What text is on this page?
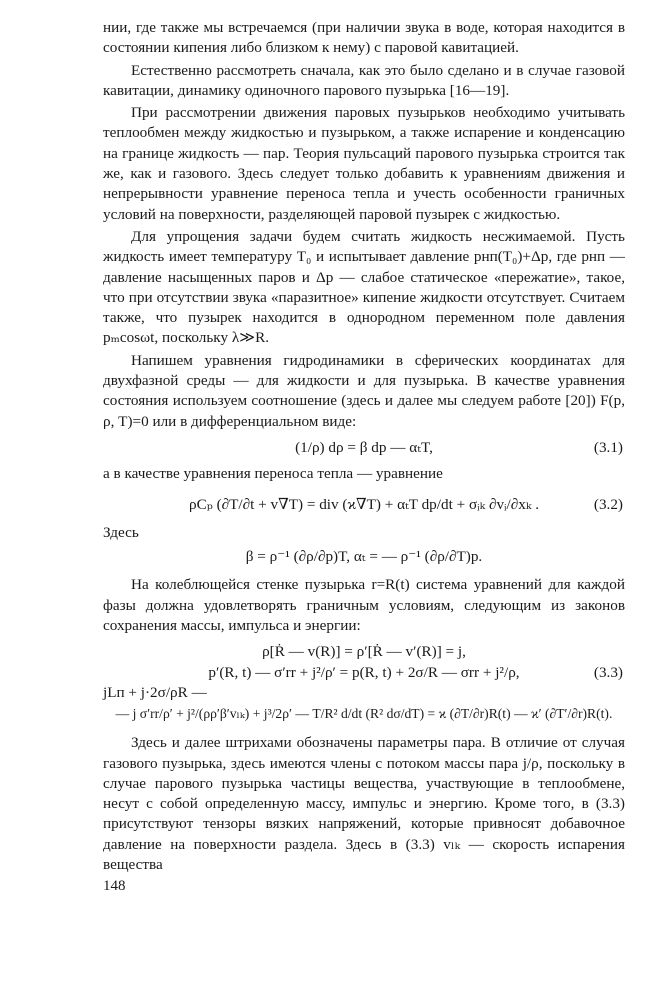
нии, где также мы встречаемся (при наличии звука в воде, которая находится в состоянии кипения либо близком к нему) с паровой кавитацией.

Естественно рассмотреть сначала, как это было сделано и в случае газовой кавитации, динамику одиночного парового пузырька [16—19].

При рассмотрении движения паровых пузырьков необходимо учитывать теплообмен между жидкостью и пузырьком, а также испарение и конденсацию на границе жидкость — пар. Теория пульсаций парового пузырька строится так же, как и газового. Здесь следует только добавить к уравнениям движения и непрерывности уравнение переноса тепла и учесть особенности граничных условий на поверхности, разделяющей паровой пузырек с жидкостью.

Для упрощения задачи будем считать жидкость несжимаемой. Пусть жидкость имеет температуру T₀ и испытывает давление pнп(T₀)+Δp, где pнп — давление насыщенных паров и Δp — слабое статическое «пережатие», такое, что при отсутствии звука «паразитное» кипение жидкости отсутствует. Считаем также, что пузырек находится в однородном переменном поле давления pₘcosωt, поскольку λ≫R.

Напишем уравнения гидродинамики в сферических координатах для двухфазной среды — для жидкости и для пузырька. В качестве уравнения состояния используем соотношение (здесь и далее мы следуем работе [20]) F(p, ρ, T)=0 или в дифференциальном виде:

(1/ρ) dρ = β dp — αₜT,	(3.1)

а в качестве уравнения переноса тепла — уравнение

ρCₚ (∂T/∂t + v∇T) = div (ϰ∇T) + αₜT dp/dt + σᵢₖ ∂vᵢ/∂xₖ .	(3.2)

Здесь

β = ρ⁻¹ (∂ρ/∂p)T, αₜ = — ρ⁻¹ (∂ρ/∂T)p.

На колеблющейся стенке пузырька r=R(t) система уравнений для каждой фазы должна удовлетворять граничным условиям, следующим из законов сохранения массы, импульса и энергии:

ρ[Ṙ — v(R)] = ρ′[Ṙ — v′(R)] = j,
p′(R, t) — σ′rr + j²/ρ′ = p(R, t) + 2σ/R — σrr + j²/ρ,	(3.3)
jLп + j·2σ/ρR —
— j σ′rr/ρ′ + j²/(ρρ′β′vₗₖ) + j³/2ρ′ — T/R² d/dt (R² dσ/dT) = ϰ (∂T/∂r)R(t) — ϰ′ (∂T′/∂r)R(t).

Здесь и далее штрихами обозначены параметры пара. В отличие от случая газового пузырька, здесь имеются члены с потоком массы пара j/ρ, поскольку в случае парового пузырька частицы вещества, участвующие в теплообмене, несут с собой определенную массу, импульс и энергию. Кроме того, в (3.3) присутствуют тензоры вязких напряжений, которые привносят добавочное давление на поверхности раздела. Здесь в (3.3) vₗₖ — скорость испарения вещества

148
